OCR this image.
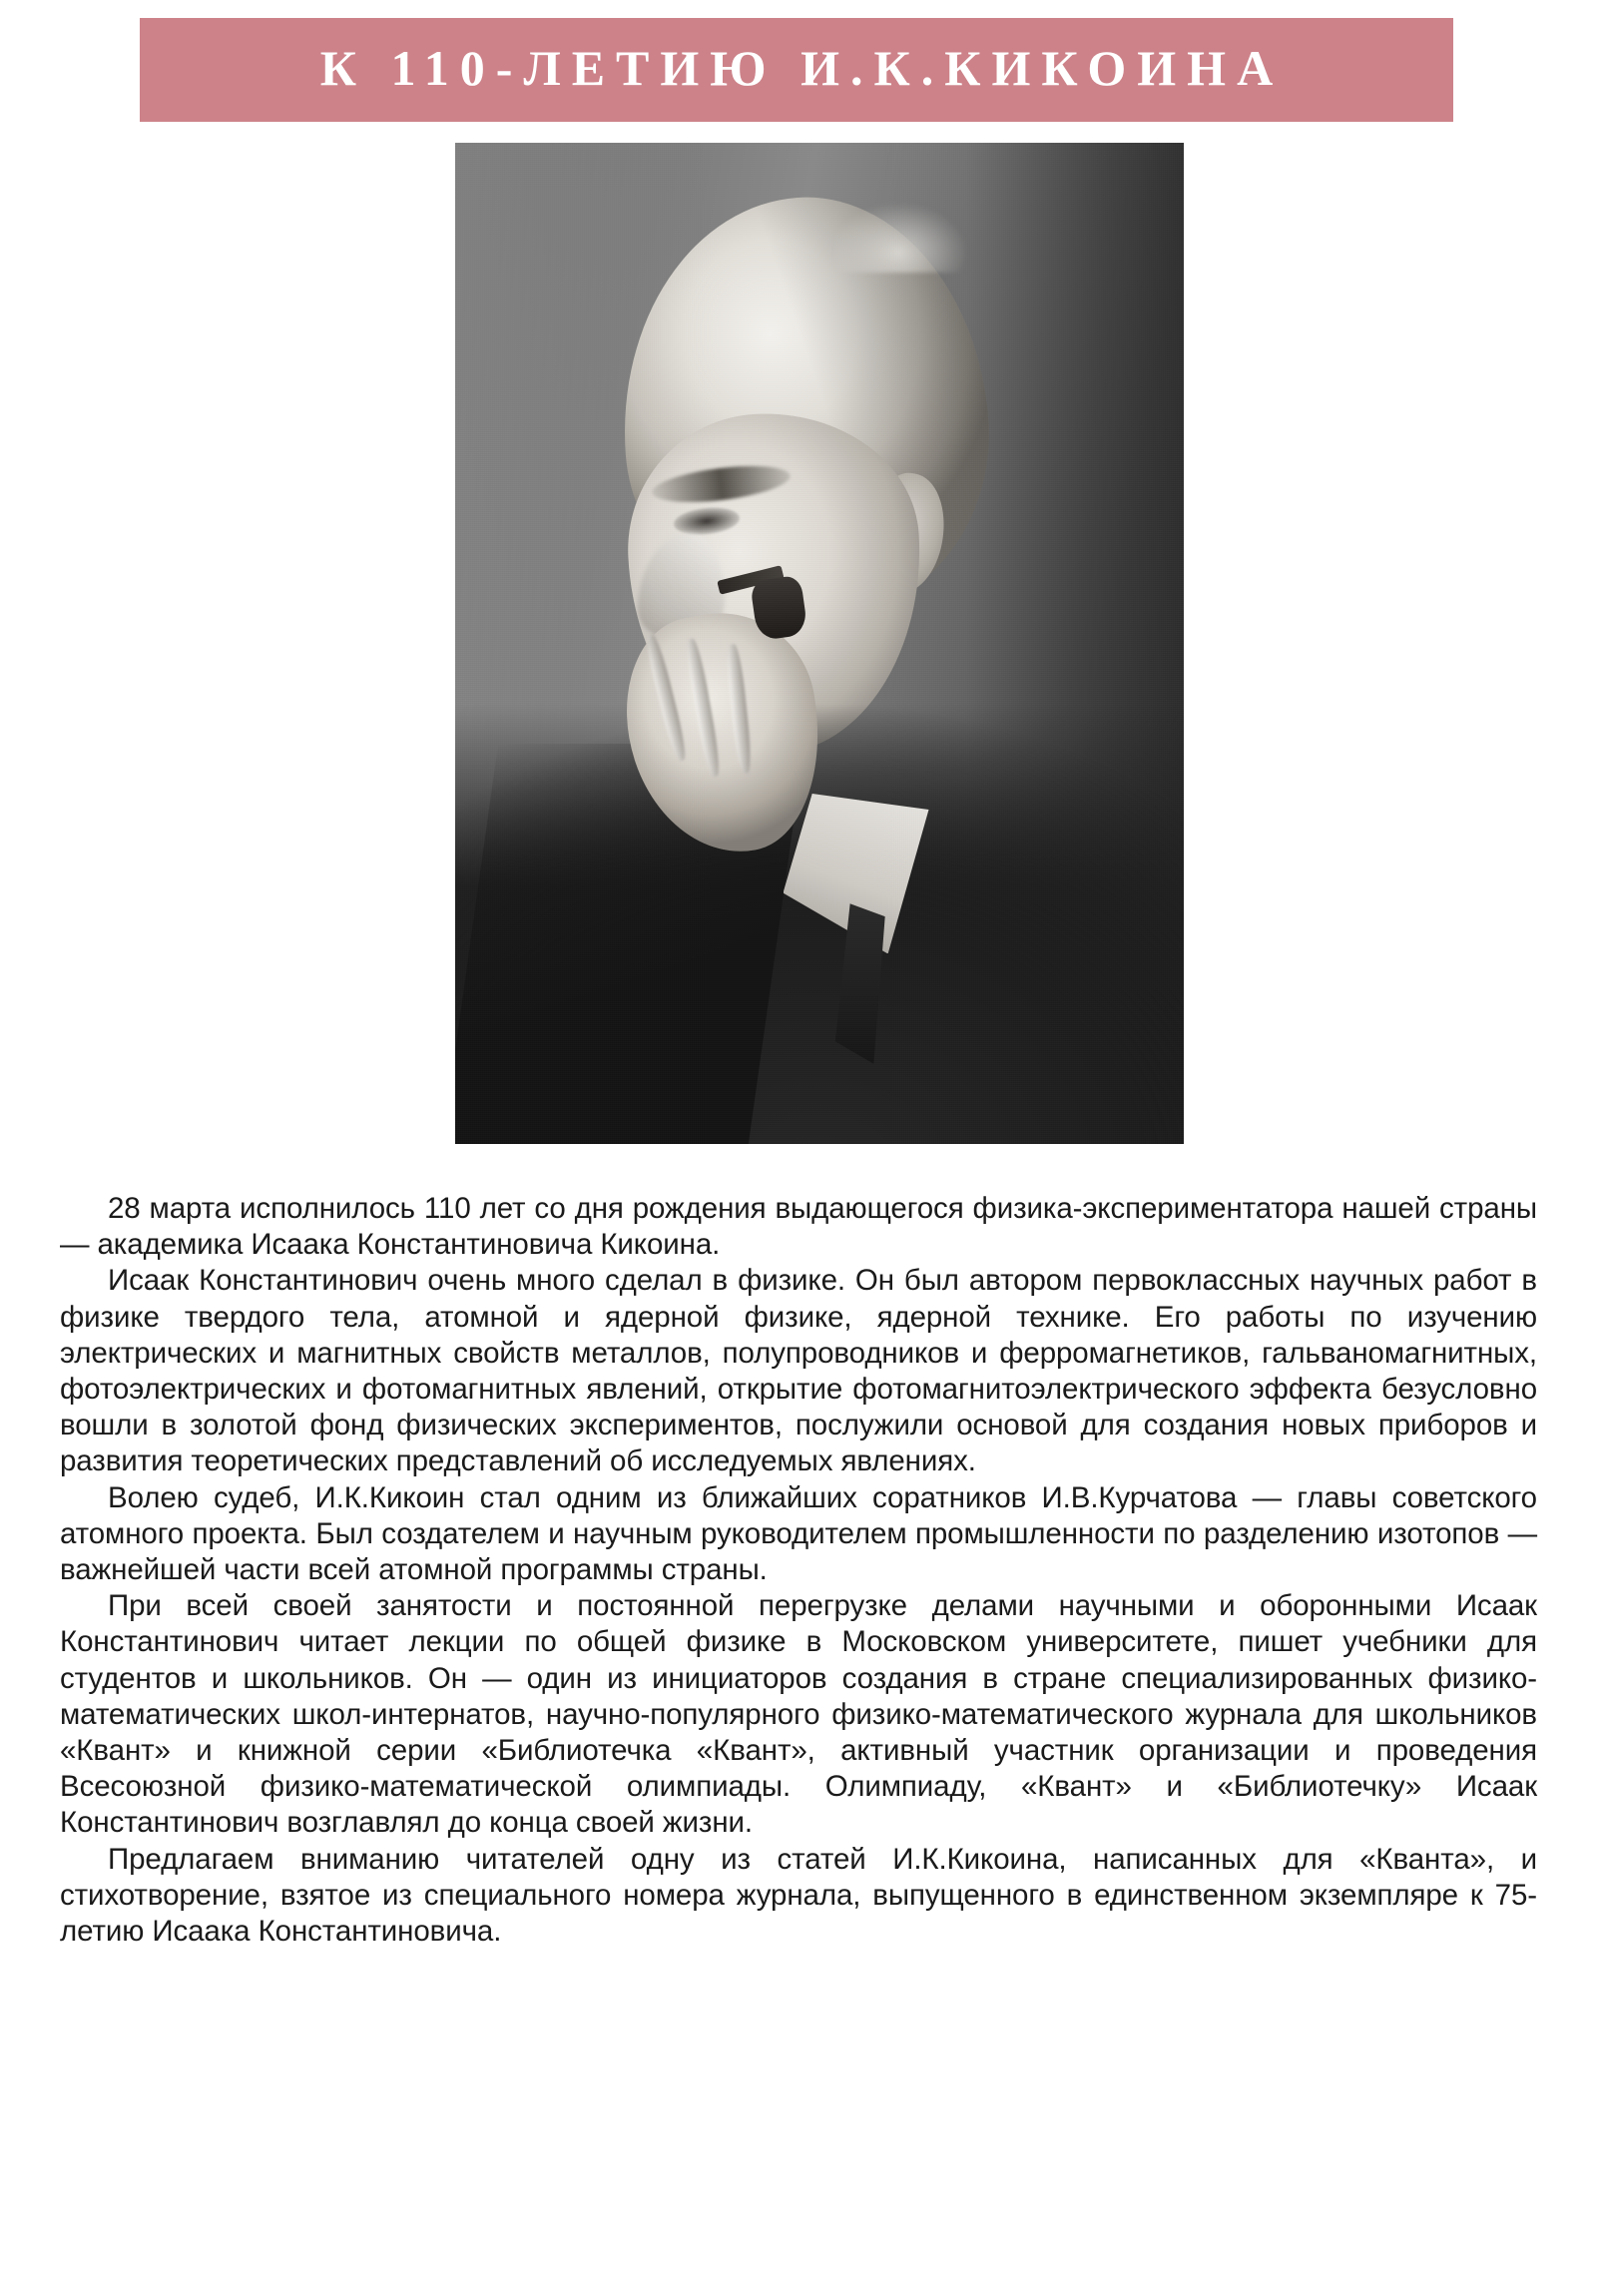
К 110-ЛЕТИЮ И.К.КИКОИНА

28 марта исполнилось 110 лет со дня рождения выдающегося физика-экспериментатора нашей страны — академика Исаака Константиновича Кикоина.

Исаак Константинович очень много сделал в физике. Он был автором первоклассных научных работ в физике твердого тела, атомной и ядерной физике, ядерной технике. Его работы по изучению электрических и магнитных свойств металлов, полупроводников и ферромагнетиков, гальваномагнитных, фотоэлектрических и фотомагнитных явлений, открытие фотомагнитоэлектрического эффекта безусловно вошли в золотой фонд физических экспериментов, послужили основой для создания новых приборов и развития теоретических представлений об исследуемых явлениях.

Волею судеб, И.К.Кикоин стал одним из ближайших соратников И.В.Курчатова — главы советского атомного проекта. Был создателем и научным руководителем промышленности по разделению изотопов — важнейшей части всей атомной программы страны.

При всей своей занятости и постоянной перегрузке делами научными и оборонными Исаак Константинович читает лекции по общей физике в Московском университете, пишет учебники для студентов и школьников. Он — один из инициаторов создания в стране специализированных физико-математических школ-интернатов, научно-популярного физико-математического журнала для школьников «Квант» и книжной серии «Библиотечка «Квант», активный участник организации и проведения Всесоюзной физико-математической олимпиады. Олимпиаду, «Квант» и «Библиотечку» Исаак Константинович возглавлял до конца своей жизни.

Предлагаем вниманию читателей одну из статей И.К.Кикоина, написанных для «Кванта», и стихотворение, взятое из специального номера журнала, выпущенного в единственном экземпляре к 75-летию Исаака Константиновича.
